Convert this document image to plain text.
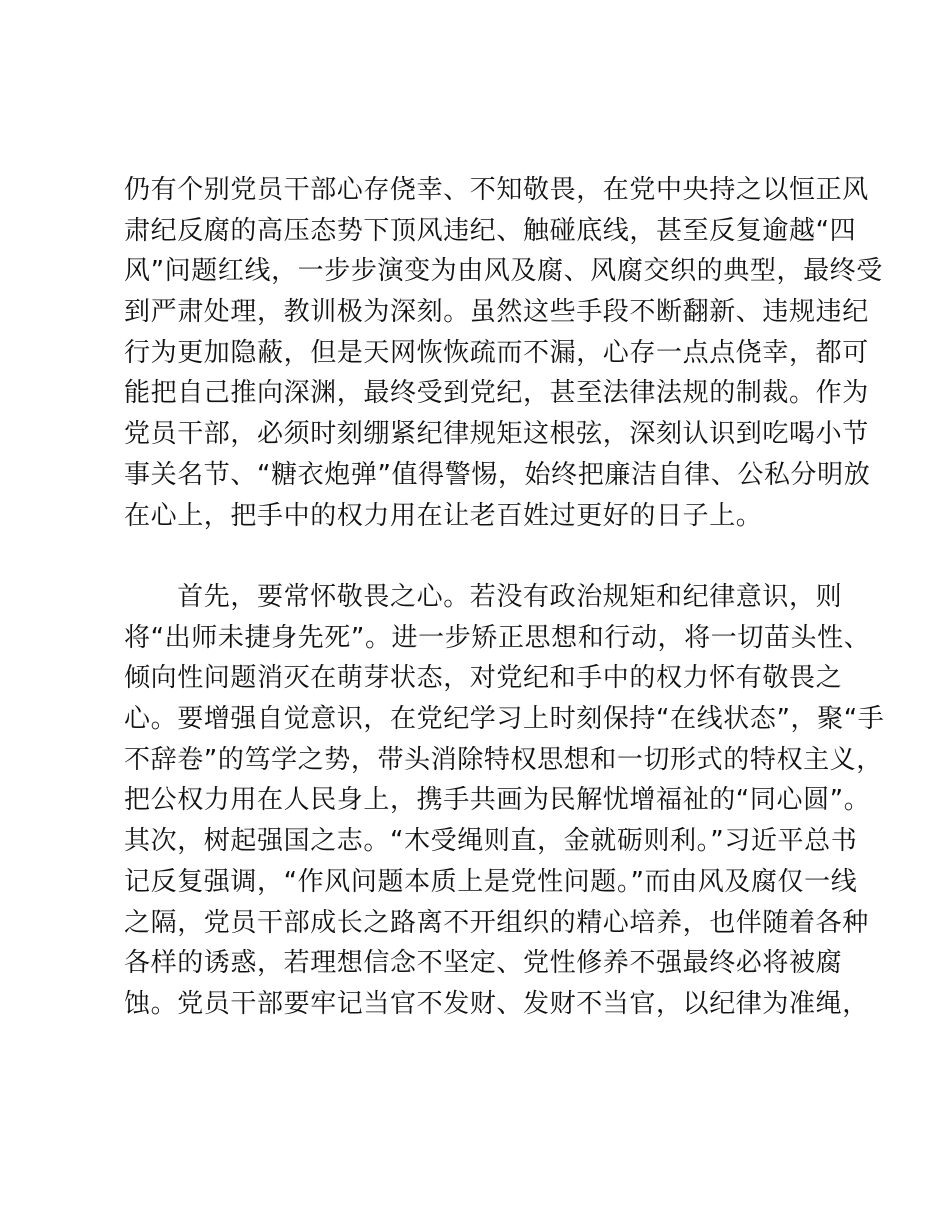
仍有个别党员干部心存侥幸、不知敬畏，在党中央持之以恒正风
肃纪反腐的高压态势下顶风违纪、触碰底线，甚至反复逾越“四
风”问题红线，一步步演变为由风及腐、风腐交织的典型，最终受
到严肃处理，教训极为深刻。虽然这些手段不断翻新、违规违纪
行为更加隐蔽，但是天网恢恢疏而不漏，心存一点点侥幸，都可
能把自己推向深渊，最终受到党纪，甚至法律法规的制裁。作为
党员干部，必须时刻绷紧纪律规矩这根弦，深刻认识到吃喝小节
事关名节、“糖衣炮弹”值得警惕，始终把廉洁自律、公私分明放
在心上，把手中的权力用在让老百姓过更好的日子上。
　　首先，要常怀敬畏之心。若没有政治规矩和纪律意识，则
将“出师未捷身先死”。进一步矫正思想和行动，将一切苗头性、
倾向性问题消灭在萌芽状态，对党纪和手中的权力怀有敬畏之
心。要增强自觉意识，在党纪学习上时刻保持“在线状态”，聚“手
不辞卷”的笃学之势，带头消除特权思想和一切形式的特权主义，
把公权力用在人民身上，携手共画为民解忧增福祉的“同心圆”。
其次，树起强国之志。“木受绳则直，金就砺则利。”习近平总书
记反复强调，“作风问题本质上是党性问题。”而由风及腐仅一线
之隔，党员干部成长之路离不开组织的精心培养，也伴随着各种
各样的诱惑，若理想信念不坚定、党性修养不强最终必将被腐
蚀。党员干部要牢记当官不发财、发财不当官，以纪律为准绳，
